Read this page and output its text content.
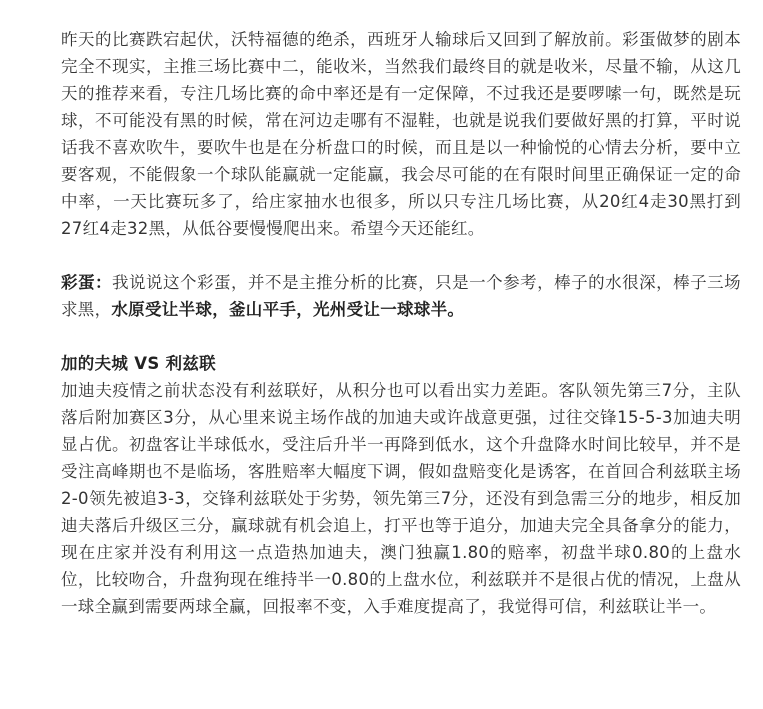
昨天的比赛跌宕起伏，沃特福德的绝杀，西班牙人输球后又回到了解放前。彩蛋做梦的剧本完全不现实，主推三场比赛中二，能收米，当然我们最终目的就是收米，尽量不输，从这几天的推荐来看，专注几场比赛的命中率还是有一定保障，不过我还是要啰嗦一句，既然是玩球，不可能没有黑的时候，常在河边走哪有不湿鞋，也就是说我们要做好黑的打算，平时说话我不喜欢吹牛，要吹牛也是在分析盘口的时候，而且是以一种愉悦的心情去分析，要中立要客观，不能假象一个球队能赢就一定能赢，我会尽可能的在有限时间里正确保证一定的命中率，一天比赛玩多了，给庄家抽水也很多，所以只专注几场比赛，从20红4走30黑打到27红4走32黑，从低谷要慢慢爬出来。希望今天还能红。

彩蛋：我说说这个彩蛋，并不是主推分析的比赛，只是一个参考，棒子的水很深，棒子三场求黑，水原受让半球，釜山平手，光州受让一球球半。

加的夫城 VS 利兹联

加迪夫疫情之前状态没有利兹联好，从积分也可以看出实力差距。客队领先第三7分，主队落后附加赛区3分，从心里来说主场作战的加迪夫或许战意更强，过往交锋15-5-3加迪夫明显占优。初盘客让半球低水，受注后升半一再降到低水，这个升盘降水时间比较早，并不是受注高峰期也不是临场，客胜赔率大幅度下调，假如盘赔变化是诱客，在首回合利兹联主场2-0领先被追3-3，交锋利兹联处于劣势，领先第三7分，还没有到急需三分的地步，相反加迪夫落后升级区三分，赢球就有机会追上，打平也等于追分，加迪夫完全具备拿分的能力，现在庄家并没有利用这一点造热加迪夫，澳门独赢1.80的赔率，初盘半球0.80的上盘水位，比较吻合，升盘狗现在维持半一0.80的上盘水位，利兹联并不是很占优的情况，上盘从一球全赢到需要两球全赢，回报率不变，入手难度提高了，我觉得可信，利兹联让半一。
